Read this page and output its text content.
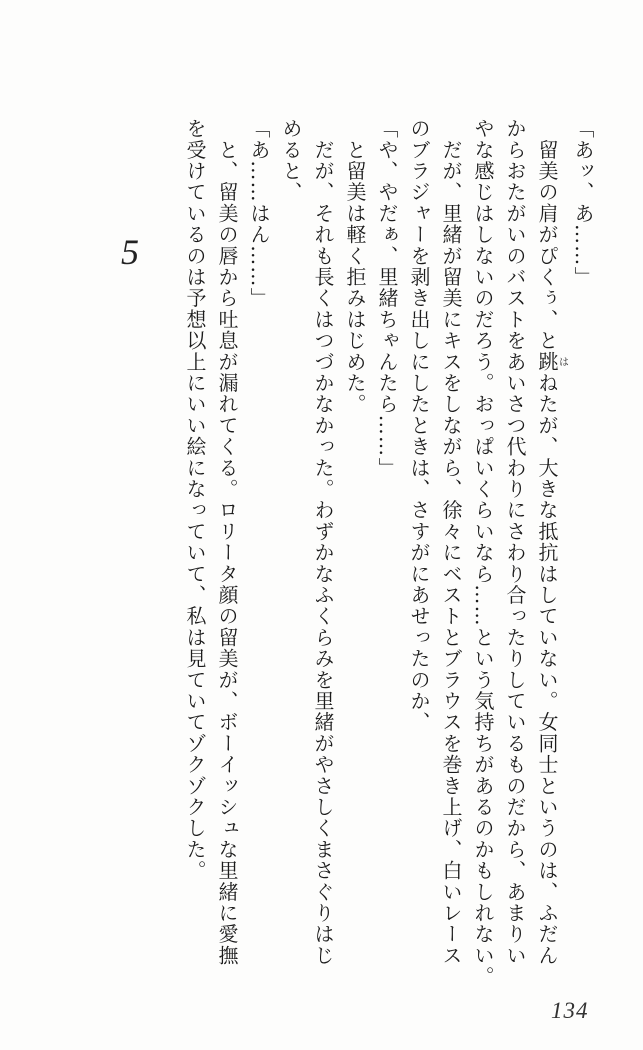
5	「あッ、あ……」
　留美の肩がぴくぅ、と跳はねたが、大きな抵抗はしていない。女同士というのは、ふだん
からおたがいのバストをあいさつ代わりにさわり合ったりしているものだから、あまりい
やな感じはしないのだろう。おっぱいくらいなら……という気持ちがあるのかもしれない。
　だが、里緒が留美にキスをしながら、徐々にベストとブラウスを巻き上げ、白いレース
のブラジャーを剥き出しにしたときは、さすがにあせったのか、
「や、やだぁ、里緒ちゃんたら……」
　と留美は軽く拒みはじめた。
　だが、それも長くはつづかなかった。わずかなふくらみを里緒がやさしくまさぐりはじ
めると、
「あ……はん……」
　と、留美の唇から吐息が漏れてくる。ロリータ顔の留美が、ボーイッシュな里緒に愛撫
を受けているのは予想以上にいい絵になっていて、私は見ていてゾクゾクした。
134
